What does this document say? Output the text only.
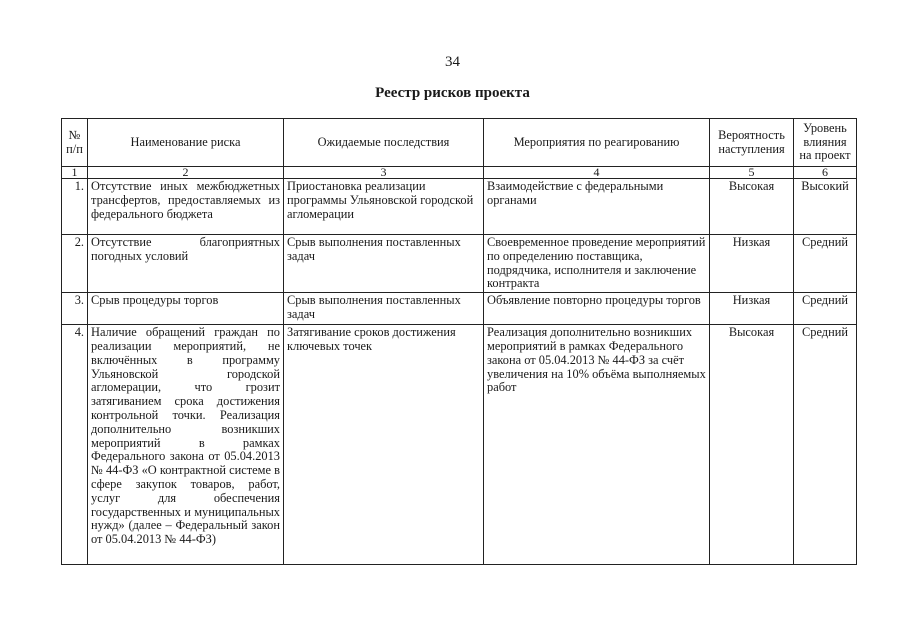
34
Реестр рисков проекта
№ п/п	Наименование риска	Ожидаемые последствия	Мероприятия по реагированию	Вероятность наступления	Уровень влияния на проект
1	2	3	4	5	6
1.	Отсутствие иных межбюджетных трансфертов, предоставляемых из федерального бюджета	Приостановка реализации программы Ульяновской городской агломерации	Взаимодействие с федеральными органами	Высокая	Высокий
2.	Отсутствие благоприятных погодных условий	Срыв выполнения поставленных задач	Своевременное проведение мероприятий по определению поставщика, подрядчика, исполнителя и заключение контракта	Низкая	Средний
3.	Срыв процедуры торгов	Срыв выполнения поставленных задач	Объявление повторно процедуры торгов	Низкая	Средний
4.	Наличие обращений граждан по реализации мероприятий, не включённых в программу Ульяновской городской агломерации, что грозит затягиванием срока достижения контрольной точки. Реализация дополнительно возникших мероприятий в рамках Федерального закона от 05.04.2013 № 44-ФЗ «О контрактной системе в сфере закупок товаров, работ, услуг для обеспечения государственных и муниципальных нужд» (далее – Федеральный закон от 05.04.2013 № 44-ФЗ)	Затягивание сроков достижения ключевых точек	Реализация дополнительно возникших мероприятий в рамках Федерального закона от 05.04.2013 № 44-ФЗ за счёт увеличения на 10% объёма выполняемых работ	Высокая	Средний
